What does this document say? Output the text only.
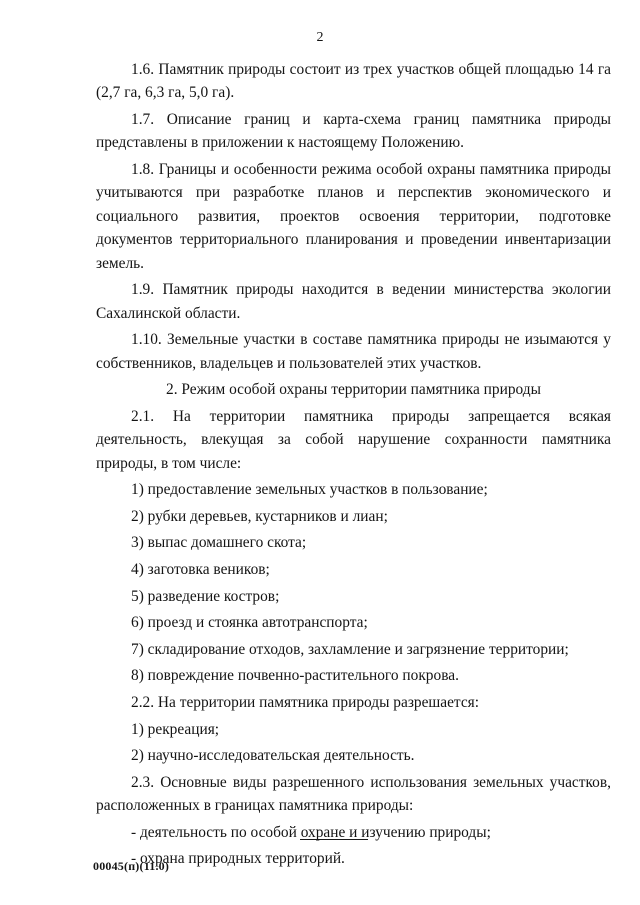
2

1.6. Памятник природы состоит из трех участков общей площадью 14 га (2,7 га, 6,3 га, 5,0 га).

1.7. Описание границ и карта-схема границ памятника природы представлены в приложении к настоящему Положению.

1.8. Границы и особенности режима особой охраны памятника природы учитываются при разработке планов и перспектив экономического и социального развития, проектов освоения территории, подготовке документов территориального планирования и проведении инвентаризации земель.

1.9. Памятник природы находится в ведении министерства экологии Сахалинской области.

1.10. Земельные участки в составе памятника природы не изымаются у собственников, владельцев и пользователей этих участков.

2. Режим особой охраны территории памятника природы

2.1. На территории памятника природы запрещается всякая деятельность, влекущая за собой нарушение сохранности памятника природы, в том числе:

1) предоставление земельных участков в пользование;

2) рубки деревьев, кустарников и лиан;

3) выпас домашнего скота;

4) заготовка веников;

5) разведение костров;

6) проезд и стоянка автотранспорта;

7) складирование отходов, захламление и загрязнение территории;

8) повреждение почвенно-растительного покрова.

2.2. На территории памятника природы разрешается:

1) рекреация;

2) научно-исследовательская деятельность.

2.3. Основные виды разрешенного использования земельных участков, расположенных в границах памятника природы:

- деятельность по особой охране и изучению природы;

- охрана природных территорий.

00045(п)(11.0)
